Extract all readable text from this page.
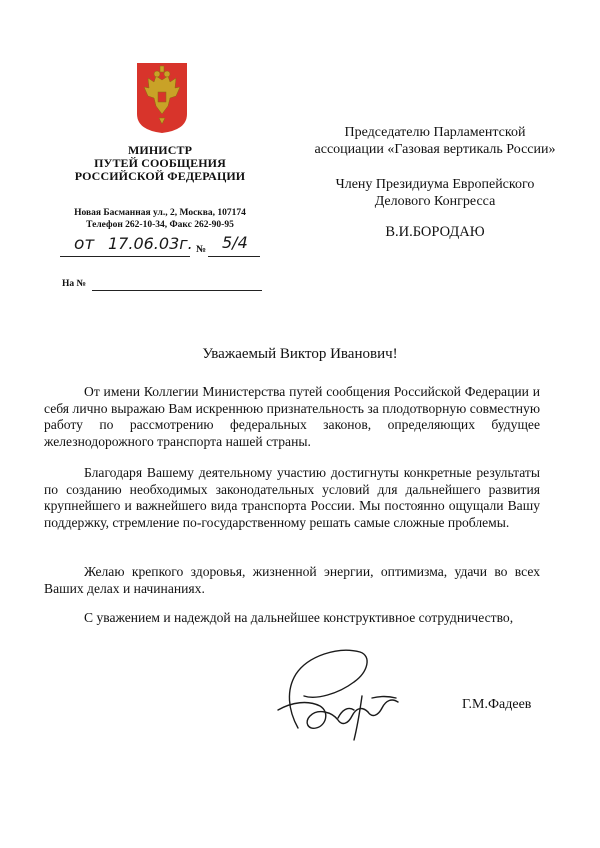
МИНИСТР
ПУТЕЙ СООБЩЕНИЯ
РОССИЙСКОЙ ФЕДЕРАЦИИ
Новая Басманная ул., 2, Москва, 107174
Телефон 262-10-34, Факс 262-90-95
от 17.06.03г. № 5/4
На №
Председателю Парламентской
ассоциации «Газовая вертикаль России»
Члену Президиума Европейского
Делового Конгресса
В.И.БОРОДАЮ
Уважаемый Виктор Иванович!
От имени Коллегии Министерства путей сообщения Российской Федерации и себя лично выражаю Вам искреннюю признательность за плодотворную совместную работу по рассмотрению федеральных законов, определяющих будущее железнодорожного транспорта нашей страны.
Благодаря Вашему деятельному участию достигнуты конкретные результаты по созданию необходимых законодательных условий для дальнейшего развития крупнейшего и важнейшего вида транспорта России. Мы постоянно ощущали Вашу поддержку, стремление по-государственному решать самые сложные проблемы.
Желаю крепкого здоровья, жизненной энергии, оптимизма, удачи во всех Ваших делах и начинаниях.
С уважением и надеждой на дальнейшее конструктивное сотрудничество,
Г.М.Фадеев
